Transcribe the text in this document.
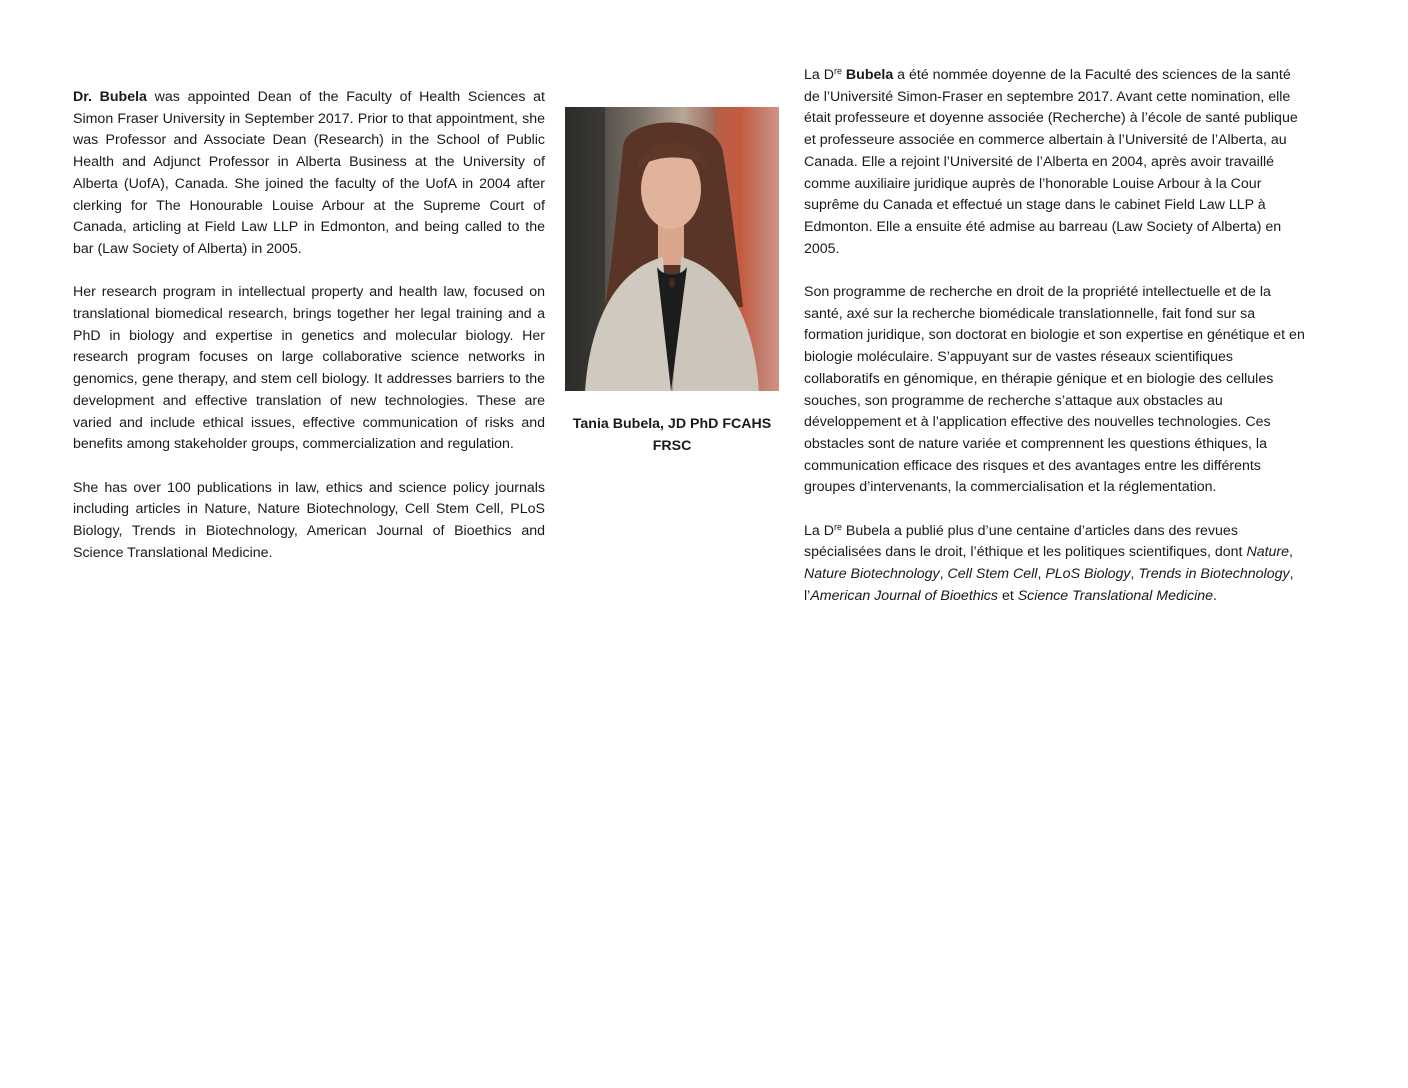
Dr. Bubela was appointed Dean of the Faculty of Health Sciences at Simon Fraser University in September 2017. Prior to that appointment, she was Professor and Associate Dean (Research) in the School of Public Health and Adjunct Professor in Alberta Business at the University of Alberta (UofA), Canada. She joined the faculty of the UofA in 2004 after clerking for The Honourable Louise Arbour at the Supreme Court of Canada, articling at Field Law LLP in Edmonton, and being called to the bar (Law Society of Alberta) in 2005.

Her research program in intellectual property and health law, focused on translational biomedical research, brings together her legal training and a PhD in biology and expertise in genetics and molecular biology. Her research program focuses on large collaborative science networks in genomics, gene therapy, and stem cell biology. It addresses barriers to the development and effective translation of new technologies. These are varied and include ethical issues, effective communication of risks and benefits among stakeholder groups, commercialization and regulation.

She has over 100 publications in law, ethics and science policy journals including articles in Nature, Nature Biotechnology, Cell Stem Cell, PLoS Biology, Trends in Biotechnology, American Journal of Bioethics and Science Translational Medicine.

Tania Bubela, JD PhD FCAHS
FRSC

La Dre Bubela a été nommée doyenne de la Faculté des sciences de la santé de l’Université Simon-Fraser en septembre 2017. Avant cette nomination, elle était professeure et doyenne associée (Recherche) à l’école de santé publique et professeure associée en commerce albertain à l’Université de l’Alberta, au Canada. Elle a rejoint l’Université de l’Alberta en 2004, après avoir travaillé comme auxiliaire juridique auprès de l’honorable Louise Arbour à la Cour suprême du Canada et effectué un stage dans le cabinet Field Law LLP à Edmonton. Elle a ensuite été admise au barreau (Law Society of Alberta) en 2005.

Son programme de recherche en droit de la propriété intellectuelle et de la santé, axé sur la recherche biomédicale translationnelle, fait fond sur sa formation juridique, son doctorat en biologie et son expertise en génétique et en biologie moléculaire. S’appuyant sur de vastes réseaux scientifiques collaboratifs en génomique, en thérapie génique et en biologie des cellules souches, son programme de recherche s’attaque aux obstacles au développement et à l’application effective des nouvelles technologies. Ces obstacles sont de nature variée et comprennent les questions éthiques, la communication efficace des risques et des avantages entre les différents groupes d’intervenants, la commercialisation et la réglementation.

La Dre Bubela a publié plus d’une centaine d’articles dans des revues spécialisées dans le droit, l’éthique et les politiques scientifiques, dont Nature, Nature Biotechnology, Cell Stem Cell, PLoS Biology, Trends in Biotechnology, l’American Journal of Bioethics et Science Translational Medicine.
